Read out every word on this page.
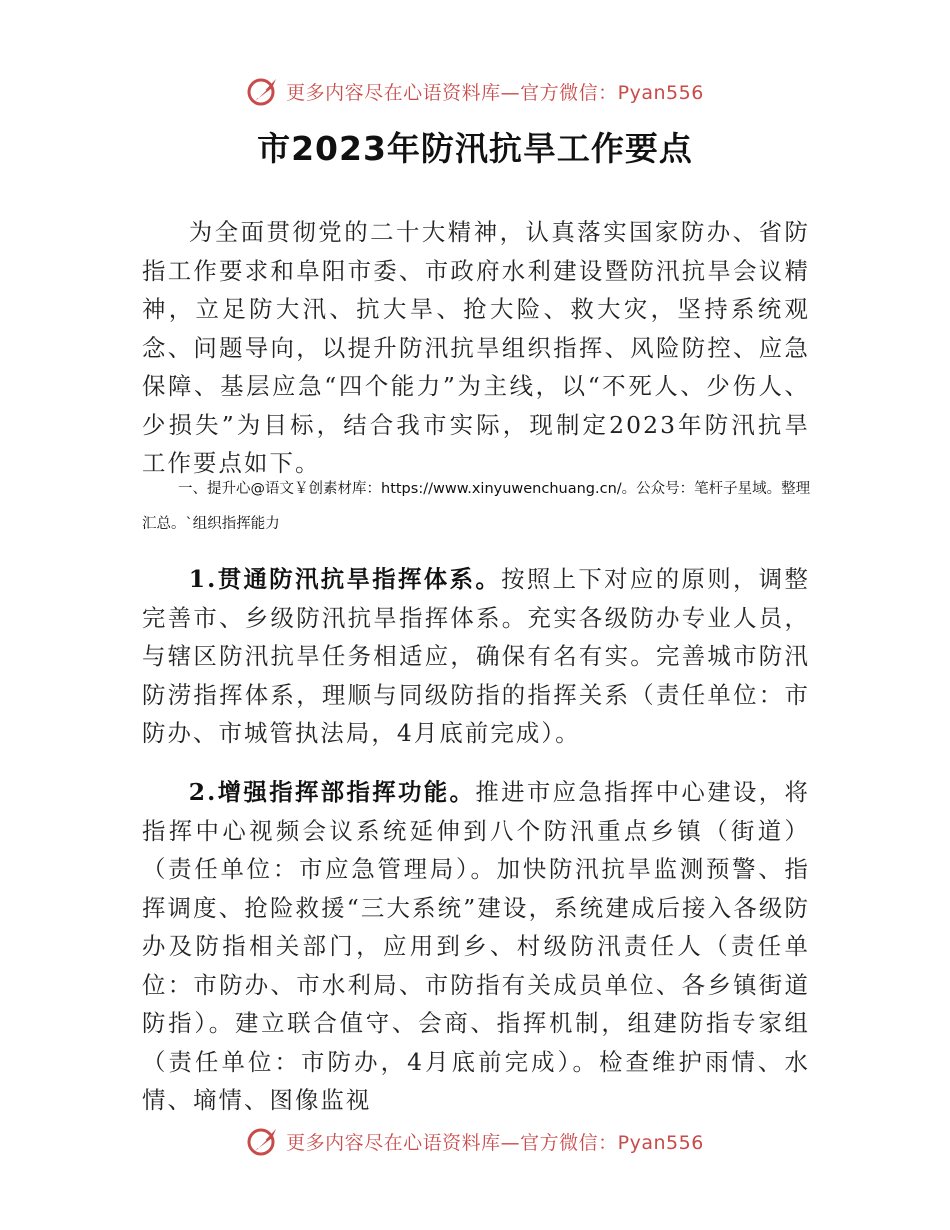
更多内容尽在心语资料库—官方微信：Pyan556
市2023年防汛抗旱工作要点

为全面贯彻党的二十大精神，认真落实国家防办、省防指工作要求和阜阳市委、市政府水利建设暨防汛抗旱会议精神，立足防大汛、抗大旱、抢大险、救大灾，坚持系统观念、问题导向，以提升防汛抗旱组织指挥、风险防控、应急保障、基层应急“四个能力”为主线，以“不死人、少伤人、少损失”为目标，结合我市实际，现制定2023年防汛抗旱工作要点如下。

一、提升心@语文￥创素材库：https://www.xinyuwenchuang.cn/。公众号：笔杆子星域。整理汇总。`组织指挥能力

1.贯通防汛抗旱指挥体系。按照上下对应的原则，调整完善市、乡级防汛抗旱指挥体系。充实各级防办专业人员，与辖区防汛抗旱任务相适应，确保有名有实。完善城市防汛防涝指挥体系，理顺与同级防指的指挥关系（责任单位：市防办、市城管执法局，4月底前完成）。

2.增强指挥部指挥功能。推进市应急指挥中心建设，将指挥中心视频会议系统延伸到八个防汛重点乡镇（街道）（责任单位：市应急管理局）。加快防汛抗旱监测预警、指挥调度、抢险救援“三大系统”建设，系统建成后接入各级防办及防指相关部门，应用到乡、村级防汛责任人（责任单位：市防办、市水利局、市防指有关成员单位、各乡镇街道防指）。建立联合值守、会商、指挥机制，组建防指专家组（责任单位：市防办，4月底前完成）。检查维护雨情、水情、墒情、图像监视

更多内容尽在心语资料库—官方微信：Pyan556
